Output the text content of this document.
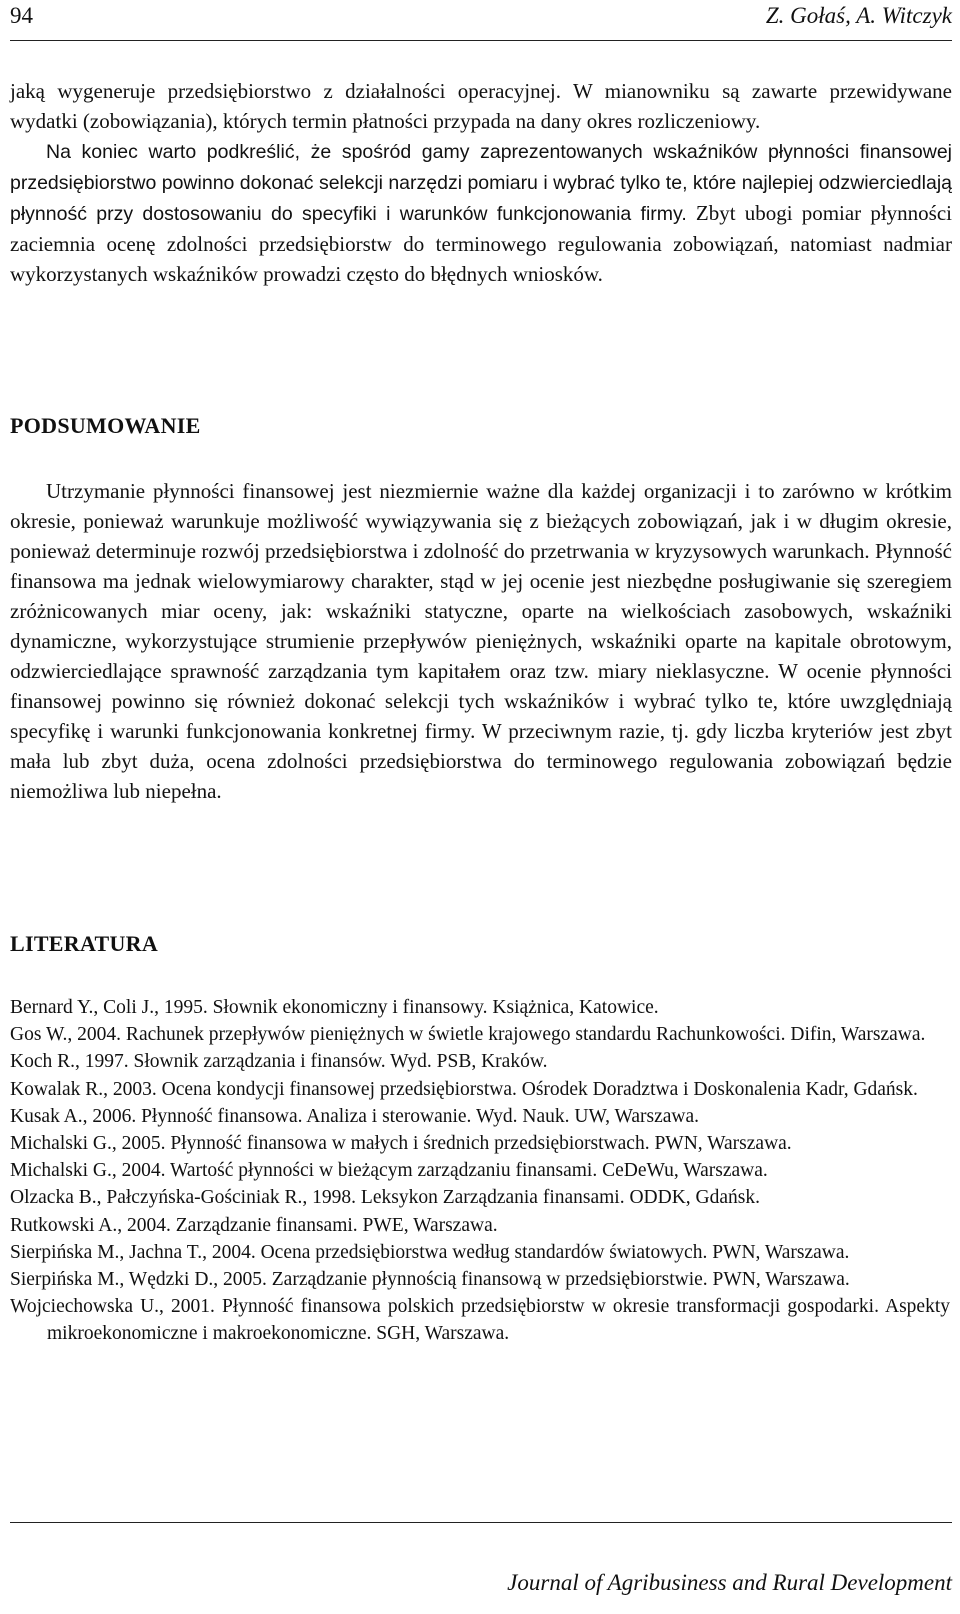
94	Z. Gołaś, A. Witczyk

jaką wygeneruje przedsiębiorstwo z działalności operacyjnej. W mianowniku są zawarte przewidywane wydatki (zobowiązania), których termin płatności przypada na dany okres rozliczeniowy.

Na koniec warto podkreślić, że spośród gamy zaprezentowanych wskaźników płynności finansowej przedsiębiorstwo powinno dokonać selekcji narzędzi pomiaru i wybrać tylko te, które najlepiej odzwierciedlają płynność przy dostosowaniu do specyfiki i warunków funkcjonowania firmy. Zbyt ubogi pomiar płynności zaciemnia ocenę zdolności przedsiębiorstw do terminowego regulowania zobowiązań, natomiast nadmiar wykorzystanych wskaźników prowadzi często do błędnych wniosków.

PODSUMOWANIE

Utrzymanie płynności finansowej jest niezmiernie ważne dla każdej organizacji i to zarówno w krótkim okresie, ponieważ warunkuje możliwość wywiązywania się z bieżących zobowiązań, jak i w długim okresie, ponieważ determinuje rozwój przedsiębiorstwa i zdolność do przetrwania w kryzysowych warunkach. Płynność finansowa ma jednak wielowymiarowy charakter, stąd w jej ocenie jest niezbędne posługiwanie się szeregiem zróżnicowanych miar oceny, jak: wskaźniki statyczne, oparte na wielkościach zasobowych, wskaźniki dynamiczne, wykorzystujące strumienie przepływów pieniężnych, wskaźniki oparte na kapitale obrotowym, odzwierciedlające sprawność zarządzania tym kapitałem oraz tzw. miary nieklasyczne. W ocenie płynności finansowej powinno się również dokonać selekcji tych wskaźników i wybrać tylko te, które uwzględniają specyfikę i warunki funkcjonowania konkretnej firmy. W przeciwnym razie, tj. gdy liczba kryteriów jest zbyt mała lub zbyt duża, ocena zdolności przedsiębiorstwa do terminowego regulowania zobowiązań będzie niemożliwa lub niepełna.

LITERATURA
Bernard Y., Coli J., 1995. Słownik ekonomiczny i finansowy. Książnica, Katowice.
Gos W., 2004. Rachunek przepływów pieniężnych w świetle krajowego standardu Rachunkowości. Difin, Warszawa.
Koch R., 1997. Słownik zarządzania i finansów. Wyd. PSB, Kraków.
Kowalak R., 2003. Ocena kondycji finansowej przedsiębiorstwa. Ośrodek Doradztwa i Doskonalenia Kadr, Gdańsk.
Kusak A., 2006. Płynność finansowa. Analiza i sterowanie. Wyd. Nauk. UW, Warszawa.
Michalski G., 2005. Płynność finansowa w małych i średnich przedsiębiorstwach. PWN, Warszawa.
Michalski G., 2004. Wartość płynności w bieżącym zarządzaniu finansami. CeDeWu, Warszawa.
Olzacka B., Pałczyńska-Gościniak R., 1998. Leksykon Zarządzania finansami. ODDK, Gdańsk.
Rutkowski A., 2004. Zarządzanie finansami. PWE, Warszawa.
Sierpińska M., Jachna T., 2004. Ocena przedsiębiorstwa według standardów światowych. PWN, Warszawa.
Sierpińska M., Wędzki D., 2005. Zarządzanie płynnością finansową w przedsiębiorstwie. PWN, Warszawa.
Wojciechowska U., 2001. Płynność finansowa polskich przedsiębiorstw w okresie transformacji gospodarki. Aspekty mikroekonomiczne i makroekonomiczne. SGH, Warszawa.
Journal of Agribusiness and Rural Development
